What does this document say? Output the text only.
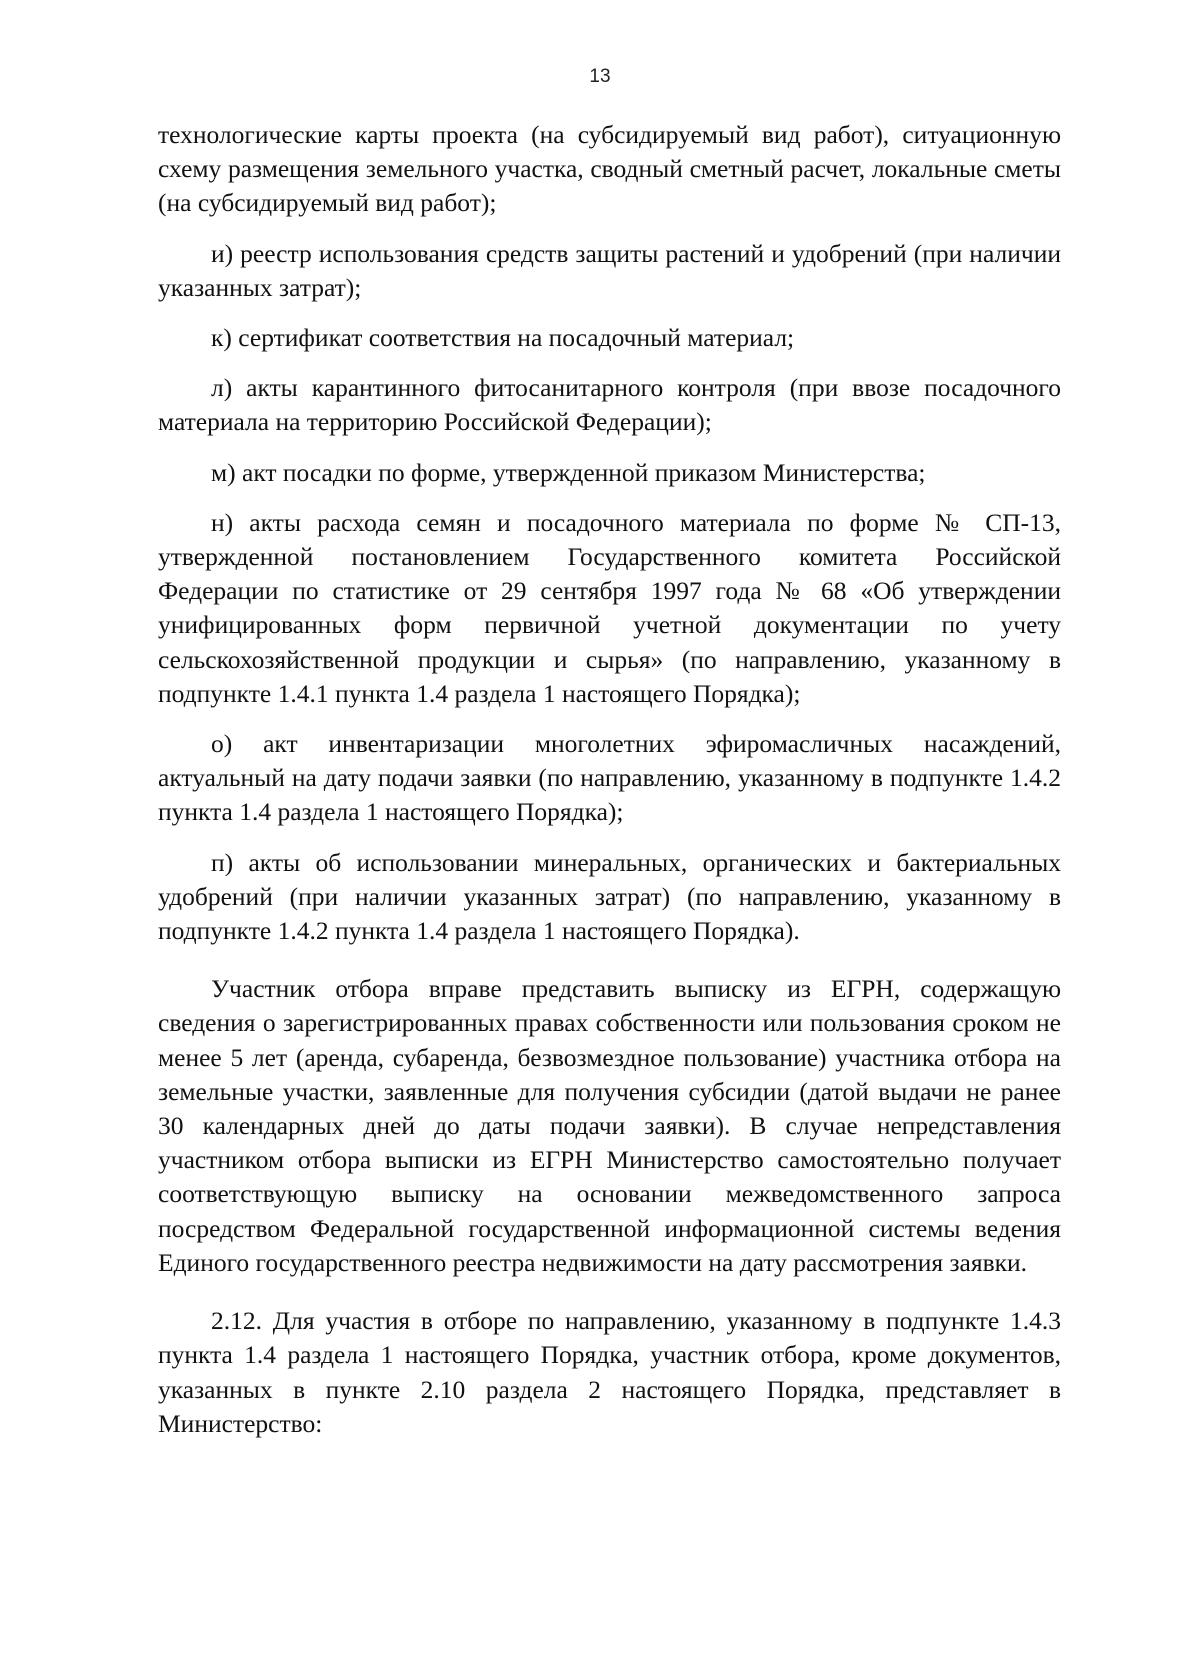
13

технологические карты проекта (на субсидируемый вид работ), ситуационную схему размещения земельного участка, сводный сметный расчет, локальные сметы (на субсидируемый вид работ);

и) реестр использования средств защиты растений и удобрений (при наличии указанных затрат);

к) сертификат соответствия на посадочный материал;

л) акты карантинного фитосанитарного контроля (при ввозе посадочного материала на территорию Российской Федерации);

м) акт посадки по форме, утвержденной приказом Министерства;

н) акты расхода семян и посадочного материала по форме № СП-13, утвержденной постановлением Государственного комитета Российской Федерации по статистике от 29 сентября 1997 года № 68 «Об утверждении унифицированных форм первичной учетной документации по учету сельскохозяйственной продукции и сырья» (по направлению, указанному в подпункте 1.4.1 пункта 1.4 раздела 1 настоящего Порядка);

о) акт инвентаризации многолетних эфиромасличных насаждений, актуальный на дату подачи заявки (по направлению, указанному в подпункте 1.4.2 пункта 1.4 раздела 1 настоящего Порядка);

п) акты об использовании минеральных, органических и бактериальных удобрений (при наличии указанных затрат) (по направлению, указанному в подпункте 1.4.2 пункта 1.4 раздела 1 настоящего Порядка).

Участник отбора вправе представить выписку из ЕГРН, содержащую сведения о зарегистрированных правах собственности или пользования сроком не менее 5 лет (аренда, субаренда, безвозмездное пользование) участника отбора на земельные участки, заявленные для получения субсидии (датой выдачи не ранее 30 календарных дней до даты подачи заявки). В случае непредставления участником отбора выписки из ЕГРН Министерство самостоятельно получает соответствующую выписку на основании межведомственного запроса посредством Федеральной государственной информационной системы ведения Единого государственного реестра недвижимости на дату рассмотрения заявки.

2.12. Для участия в отборе по направлению, указанному в подпункте 1.4.3 пункта 1.4 раздела 1 настоящего Порядка, участник отбора, кроме документов, указанных в пункте 2.10 раздела 2 настоящего Порядка, представляет в Министерство:
